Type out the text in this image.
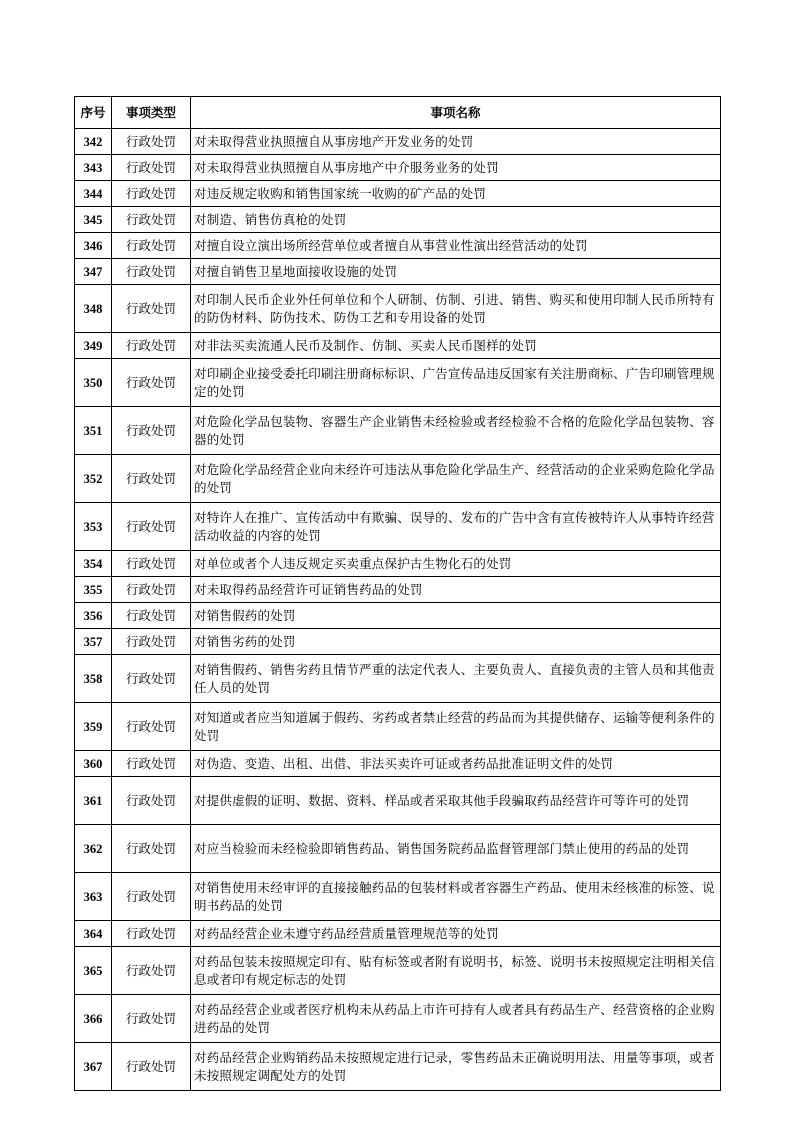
序号	事项类型	事项名称
342	行政处罚	对未取得营业执照擅自从事房地产开发业务的处罚
343	行政处罚	对未取得营业执照擅自从事房地产中介服务业务的处罚
344	行政处罚	对违反规定收购和销售国家统一收购的矿产品的处罚
345	行政处罚	对制造、销售仿真枪的处罚
346	行政处罚	对擅自设立演出场所经营单位或者擅自从事营业性演出经营活动的处罚
347	行政处罚	对擅自销售卫星地面接收设施的处罚
348	行政处罚	对印制人民币企业外任何单位和个人研制、仿制、引进、销售、购买和使用印制人民币所特有的防伪材料、防伪技术、防伪工艺和专用设备的处罚
349	行政处罚	对非法买卖流通人民币及制作、仿制、买卖人民币图样的处罚
350	行政处罚	对印刷企业接受委托印刷注册商标标识、广告宣传品违反国家有关注册商标、广告印刷管理规定的处罚
351	行政处罚	对危险化学品包装物、容器生产企业销售未经检验或者经检验不合格的危险化学品包装物、容器的处罚
352	行政处罚	对危险化学品经营企业向未经许可违法从事危险化学品生产、经营活动的企业采购危险化学品的处罚
353	行政处罚	对特许人在推广、宣传活动中有欺骗、误导的、发布的广告中含有宣传被特许人从事特许经营活动收益的内容的处罚
354	行政处罚	对单位或者个人违反规定买卖重点保护古生物化石的处罚
355	行政处罚	对未取得药品经营许可证销售药品的处罚
356	行政处罚	对销售假药的处罚
357	行政处罚	对销售劣药的处罚
358	行政处罚	对销售假药、销售劣药且情节严重的法定代表人、主要负责人、直接负责的主管人员和其他责任人员的处罚
359	行政处罚	对知道或者应当知道属于假药、劣药或者禁止经营的药品而为其提供储存、运输等便利条件的处罚
360	行政处罚	对伪造、变造、出租、出借、非法买卖许可证或者药品批准证明文件的处罚
361	行政处罚	对提供虚假的证明、数据、资料、样品或者采取其他手段骗取药品经营许可等许可的处罚
362	行政处罚	对应当检验而未经检验即销售药品、销售国务院药品监督管理部门禁止使用的药品的处罚
363	行政处罚	对销售使用未经审评的直接接触药品的包装材料或者容器生产药品、使用未经核准的标签、说明书药品的处罚
364	行政处罚	对药品经营企业未遵守药品经营质量管理规范等的处罚
365	行政处罚	对药品包装未按照规定印有、贴有标签或者附有说明书，标签、说明书未按照规定注明相关信息或者印有规定标志的处罚
366	行政处罚	对药品经营企业或者医疗机构未从药品上市许可持有人或者具有药品生产、经营资格的企业购进药品的处罚
367	行政处罚	对药品经营企业购销药品未按照规定进行记录，零售药品未正确说明用法、用量等事项，或者未按照规定调配处方的处罚
